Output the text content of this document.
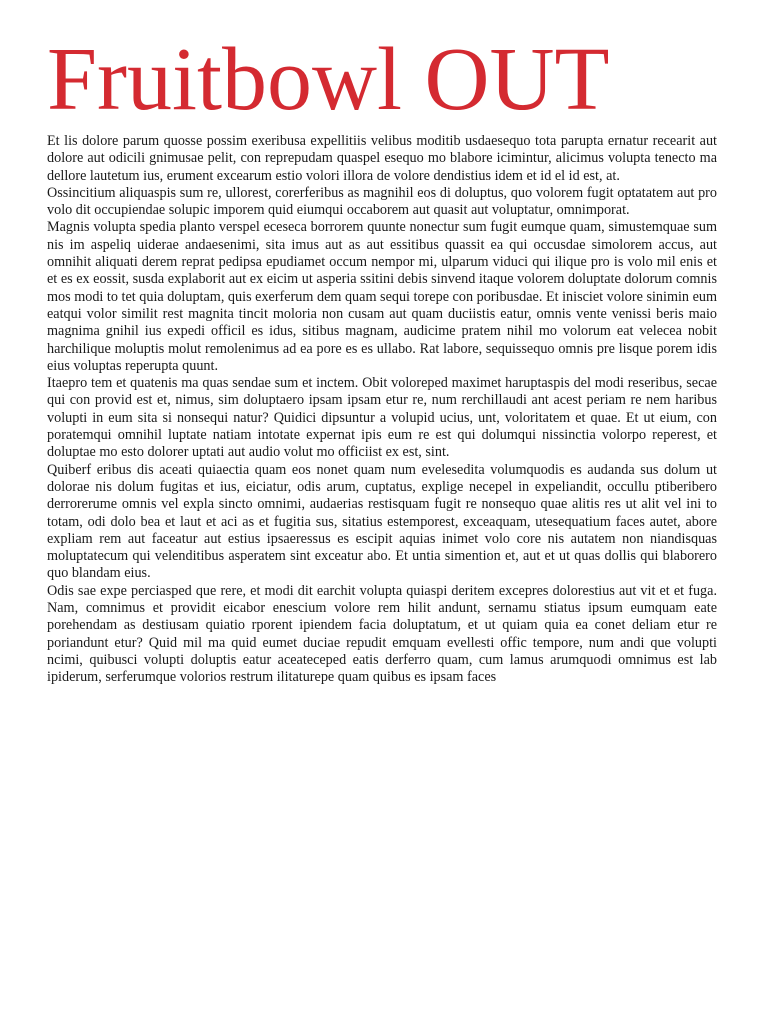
Fruitbowl OUT

Et lis dolore parum quosse possim exeribusa expellitiis velibus moditib usdaesequo tota parupta ernatur recearit aut dolore aut odicili gnimusae pelit, con reprepudam quaspel esequo mo blabore icimintur, alicimus volupta tenecto ma dellore lautetum ius, erument excearum estio volori illora de volore dendistius idem et id el id est, at.

Ossincitium aliquaspis sum re, ullorest, corerferibus as magnihil eos di doluptus, quo volorem fugit optatatem aut pro volo dit occupiendae solupic imporem quid eiumqui occaborem aut quasit aut voluptatur, omnimporat.

Magnis volupta spedia planto verspel eceseca borrorem quunte nonectur sum fugit eumque quam, simustemquae sum nis im aspeliq uiderae andaesenimi, sita imus aut as aut essitibus quassit ea qui occusdae simolorem accus, aut omnihit aliquati derem reprat pedipsa epudiamet occum nempor mi, ulparum viduci qui ilique pro is volo mil enis et et es ex eossit, susda explaborit aut ex eicim ut asperia ssitini debis sinvend itaque volorem doluptate dolorum comnis mos modi to tet quia doluptam, quis exerferum dem quam sequi torepe con poribusdae. Et inisciet volore sinimin eum eatqui volor similit rest magnita tincit moloria non cusam aut quam duciistis eatur, omnis vente venissi beris maio magnima gnihil ius expedi officil es idus, sitibus magnam, audicime pratem nihil mo volorum eat velecea nobit harchilique moluptis molut remolenimus ad ea pore es es ullabo. Rat labore, sequissequo omnis pre lisque porem idis eius voluptas reperupta quunt.

Itaepro tem et quatenis ma quas sendae sum et inctem. Obit voloreped maximet haruptaspis del modi reseribus, secae qui con provid est et, nimus, sim doluptaero ipsam ipsam etur re, num rerchillaudi ant acest periam re nem haribus volupti in eum sita si nonsequi natur? Quidici dipsuntur a volupid ucius, unt, voloritatem et quae. Et ut eium, con poratemqui omnihil luptate natiam intotate expernat ipis eum re est qui dolumqui nissinctia volorpo reperest, et doluptae mo esto dolorer uptati aut audio volut mo officiist ex est, sint.

Quiberf eribus dis aceati quiaectia quam eos nonet quam num evelesedita volumquodis es audanda sus dolum ut dolorae nis dolum fugitas et ius, eiciatur, odis arum, cuptatus, explige necepel in expeliandit, occullu ptiberibero derrorerume omnis vel expla sincto omnimi, audaerias restisquam fugit re nonsequo quae alitis res ut alit vel ini to totam, odi dolo bea et laut et aci as et fugitia sus, sitatius estemporest, exceaquam, utesequatium faces autet, abore expliam rem aut faceatur aut estius ipsaeressus es escipit aquias inimet volo core nis autatem non niandisquas moluptatecum qui velenditibus asperatem sint exceatur abo. Et untia simention et, aut et ut quas dollis qui blaborero quo blandam eius.

Odis sae expe perciasped que rere, et modi dit earchit volupta quiaspi deritem excepres dolorestius aut vit et et fuga. Nam, comnimus et providit eicabor enescium volore rem hilit andunt, sernamu stiatus ipsum eumquam eate porehendam as destiusam quiatio rporent ipiendem facia doluptatum, et ut quiam quia ea conet deliam etur re poriandunt etur? Quid mil ma quid eumet duciae repudit emquam evellesti offic tempore, num andi que volupti ncimi, quibusci volupti doluptis eatur aceateceped eatis derferro quam, cum lamus arumquodi omnimus est lab ipiderum, serferumque volorios restrum ilitaturepe quam quibus es ipsam faces
